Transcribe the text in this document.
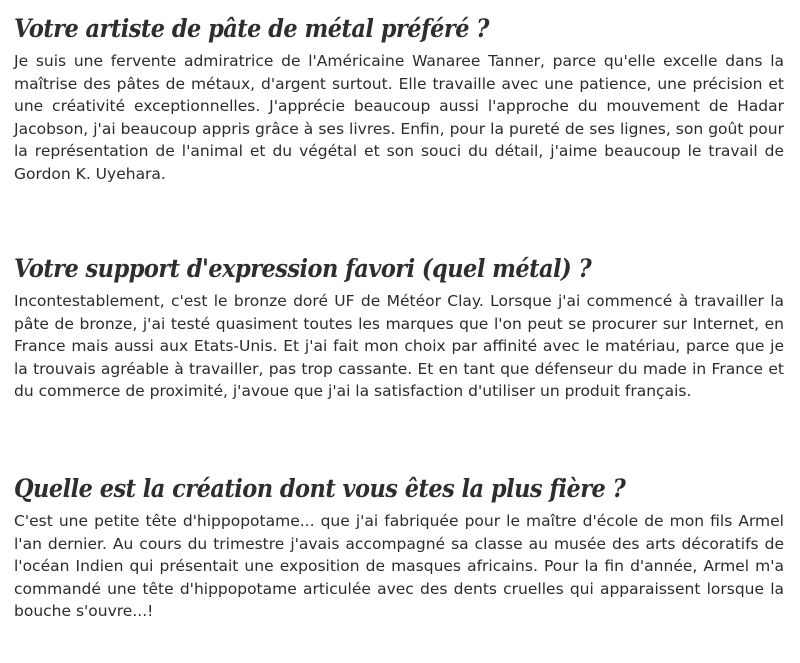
Votre artiste de pâte de métal préféré ?

Je suis une fervente admiratrice de l'Américaine Wanaree Tanner, parce qu'elle excelle dans la maîtrise des pâtes de métaux, d'argent surtout. Elle travaille avec une patience, une précision et une créativité exceptionnelles. J'apprécie beaucoup aussi l'approche du mouvement de Hadar Jacobson, j'ai beaucoup appris grâce à ses livres. Enfin, pour la pureté de ses lignes, son goût pour la représentation de l'animal et du végétal et son souci du détail, j'aime beaucoup le travail de Gordon K. Uyehara.

Votre support d'expression favori (quel métal) ?

Incontestablement, c'est le bronze doré UF de Météor Clay. Lorsque j'ai commencé à travailler la pâte de bronze, j'ai testé quasiment toutes les marques que l'on peut se procurer sur Internet, en France mais aussi aux Etats-Unis. Et j'ai fait mon choix par affinité avec le matériau, parce que je la trouvais agréable à travailler, pas trop cassante. Et en tant que défenseur du made in France et du commerce de proximité, j'avoue que j'ai la satisfaction d'utiliser un produit français.

Quelle est la création dont vous êtes la plus fière ?

C'est une petite tête d'hippopotame... que j'ai fabriquée pour le maître d'école de mon fils Armel l'an dernier. Au cours du trimestre j'avais accompagné sa classe au musée des arts décoratifs de l'océan Indien qui présentait une exposition de masques africains. Pour la fin d'année, Armel m'a commandé une tête d'hippopotame articulée avec des dents cruelles qui apparaissent lorsque la bouche s'ouvre...!
